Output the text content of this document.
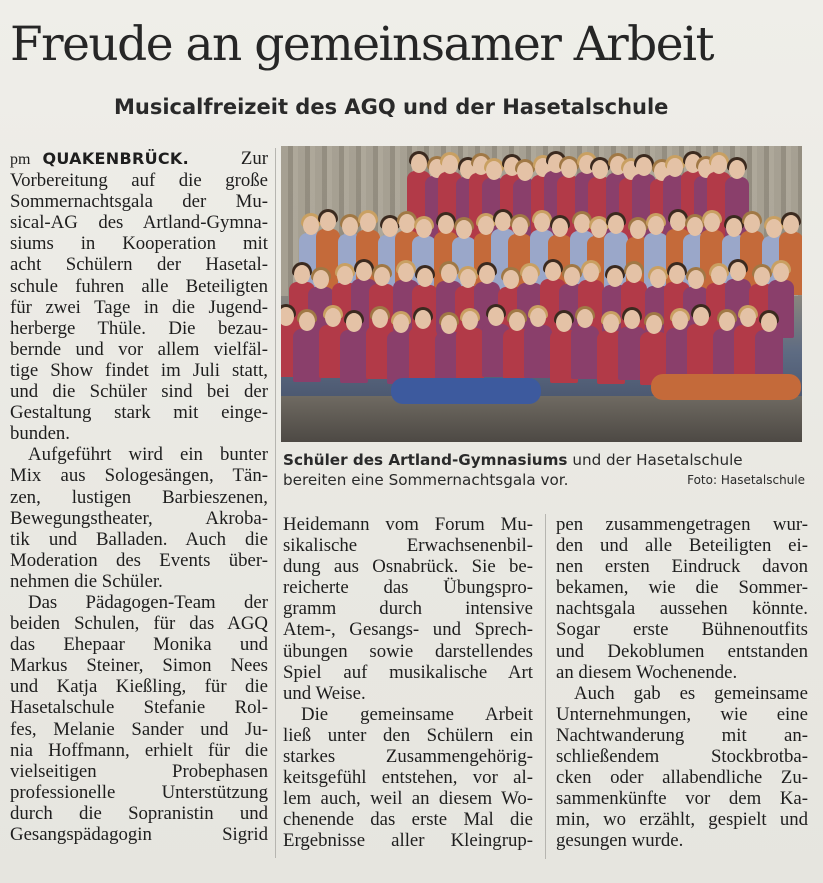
Freude an gemeinsamer Arbeit
Musicalfreizeit des AGQ und der Hasetalschule

pm QUAKENBRÜCK.	Zur
Vorbereitung auf die große
Sommernachtsgala der Mu-
sical-AG des Artland-Gymna-
siums in Kooperation mit
acht Schülern der Hasetal-
schule fuhren alle Beteiligten
für zwei Tage in die Jugend-
herberge Thüle. Die bezau-
bernde und vor allem vielfäl-
tige Show findet im Juli statt,
und die Schüler sind bei der
Gestaltung stark mit einge-
bunden.

Aufgeführt wird ein bunter
Mix aus Sologesängen, Tän-
zen, lustigen Barbieszenen,
Bewegungstheater, Akroba-
tik und Balladen. Auch die
Moderation des Events über-
nehmen die Schüler.

Das Pädagogen-Team der
beiden Schulen, für das AGQ
das Ehepaar Monika und
Markus Steiner, Simon Nees
und Katja Kießling, für die
Hasetalschule Stefanie Rol-
fes, Melanie Sander und Ju-
nia Hoffmann, erhielt für die
vielseitigen Probephasen
professionelle Unterstützung
durch die Sopranistin und
Gesangspädagogin Sigrid

Schüler des Artland-Gymnasiums und der Hasetalschule
bereiten eine Sommernachtsgala vor.	Foto: Hasetalschule

Heidemann vom Forum Mu-
sikalische Erwachsenenbil-
dung aus Osnabrück. Sie be-
reicherte das Übungspro-
gramm durch intensive
Atem-, Gesangs- und Sprech-
übungen sowie darstellendes
Spiel auf musikalische Art
und Weise.

Die gemeinsame Arbeit
ließ unter den Schülern ein
starkes Zusammengehörig-
keitsgefühl entstehen, vor al-
lem auch, weil an diesem Wo-
chenende das erste Mal die
Ergebnisse aller Kleingrup-

pen zusammengetragen wur-
den und alle Beteiligten ei-
nen ersten Eindruck davon
bekamen, wie die Sommer-
nachtsgala aussehen könnte.
Sogar erste Bühnenoutfits
und Dekoblumen entstanden
an diesem Wochenende.

Auch gab es gemeinsame
Unternehmungen, wie eine
Nachtwanderung mit an-
schließendem Stockbrotba-
cken oder allabendliche Zu-
sammenkünfte vor dem Ka-
min, wo erzählt, gespielt und
gesungen wurde.
